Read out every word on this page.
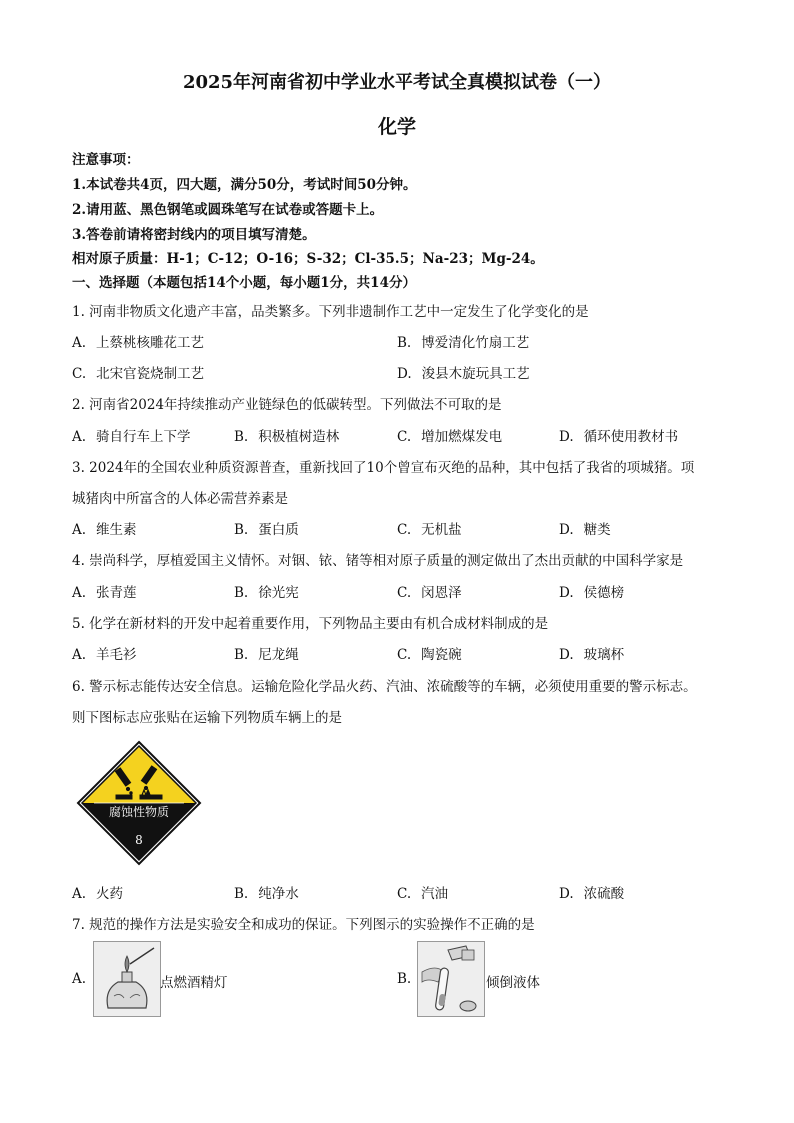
2025年河南省初中学业水平考试全真模拟试卷（一）
化学
注意事项：
1.本试卷共4页，四大题，满分50分，考试时间50分钟。
2.请用蓝、黑色钢笔或圆珠笔写在试卷或答题卡上。
3.答卷前请将密封线内的项目填写清楚。
相对原子质量：H-1；C-12；O-16；S-32；Cl-35.5；Na-23；Mg-24。
一、选择题（本题包括14个小题，每小题1分，共14分）
1. 河南非物质文化遗产丰富，品类繁多。下列非遗制作工艺中一定发生了化学变化的是
A. 上蔡桃核雕花工艺	B. 博爱清化竹扇工艺
C. 北宋官瓷烧制工艺	D. 浚县木旋玩具工艺
2. 河南省2024年持续推动产业链绿色的低碳转型。下列做法不可取的是
A. 骑自行车上下学	B. 积极植树造林	C. 增加燃煤发电	D. 循环使用教材书
3. 2024年的全国农业种质资源普查，重新找回了10个曾宣布灭绝的品种，其中包括了我省的项城猪。项
城猪肉中所富含的人体必需营养素是
A. 维生素	B. 蛋白质	C. 无机盐	D. 糖类
4. 崇尚科学，厚植爱国主义情怀。对铟、铱、锗等相对原子质量的测定做出了杰出贡献的中国科学家是
A. 张青莲	B. 徐光宪	C. 闵恩泽	D. 侯德榜
5. 化学在新材料的开发中起着重要作用，下列物品主要由有机合成材料制成的是
A. 羊毛衫	B. 尼龙绳	C. 陶瓷碗	D. 玻璃杯
6. 警示标志能传达安全信息。运输危险化学品火药、汽油、浓硫酸等的车辆，必须使用重要的警示标志。
则下图标志应张贴在运输下列物质车辆上的是
腐蚀性物质
8
A. 火药	B. 纯净水	C. 汽油	D. 浓硫酸
7. 规范的操作方法是实验安全和成功的保证。下列图示的实验操作不正确的是
A.	点燃酒精灯	B.	倾倒液体
